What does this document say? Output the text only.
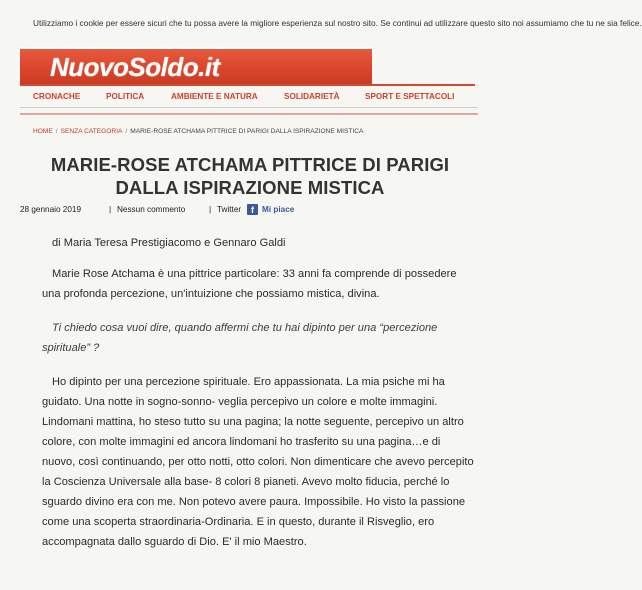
Utilizziamo i cookie per essere sicuri che tu possa avere la migliore esperienza sul nostro sito. Se continui ad utilizzare questo sito noi assumiamo che tu ne sia felice.
NuovoSoldo.it
CRONACHE	POLITICA	AMBIENTE E NATURA	SOLIDARIETÀ	SPORT E SPETTACOLI
HOME / SENZA CATEGORIA / MARIE-ROSE ATCHAMA PITTRICE DI PARIGI DALLA ISPIRAZIONE MISTICA
MARIE-ROSE ATCHAMA PITTRICE DI PARIGI
DALLA ISPIRAZIONE MISTICA
28 gennaio 2019	| Nessun commento	| Twitter	f Mi piace

di Maria Teresa Prestigiacomo e Gennaro Galdi

Marie Rose Atchama è una pittrice particolare: 33 anni fa comprende di possedere una profonda percezione, un'intuizione che possiamo mistica, divina.

Ti chiedo cosa vuoi dire, quando affermi che tu hai dipinto per una “percezione spirituale” ?

Ho dipinto per una percezione spirituale. Ero appassionata. La mia psiche mi ha guidato. Una notte in sogno-sonno- veglia percepivo un colore e molte immagini. Lindomani mattina, ho steso tutto su una pagina; la notte seguente, percepivo un altro colore, con molte immagini ed ancora lindomani ho trasferito su una pagina…e di nuovo, così continuando, per otto notti, otto colori. Non dimenticare che avevo percepito la Coscienza Universale alla base- 8 colori 8 pianeti. Avevo molto fiducia, perché lo sguardo divino era con me. Non potevo avere paura. Impossibile. Ho visto la passione come una scoperta straordinaria-Ordinaria. E in questo, durante il Risveglio, ero accompagnata dallo sguardo di Dio. E' il mio Maestro.
